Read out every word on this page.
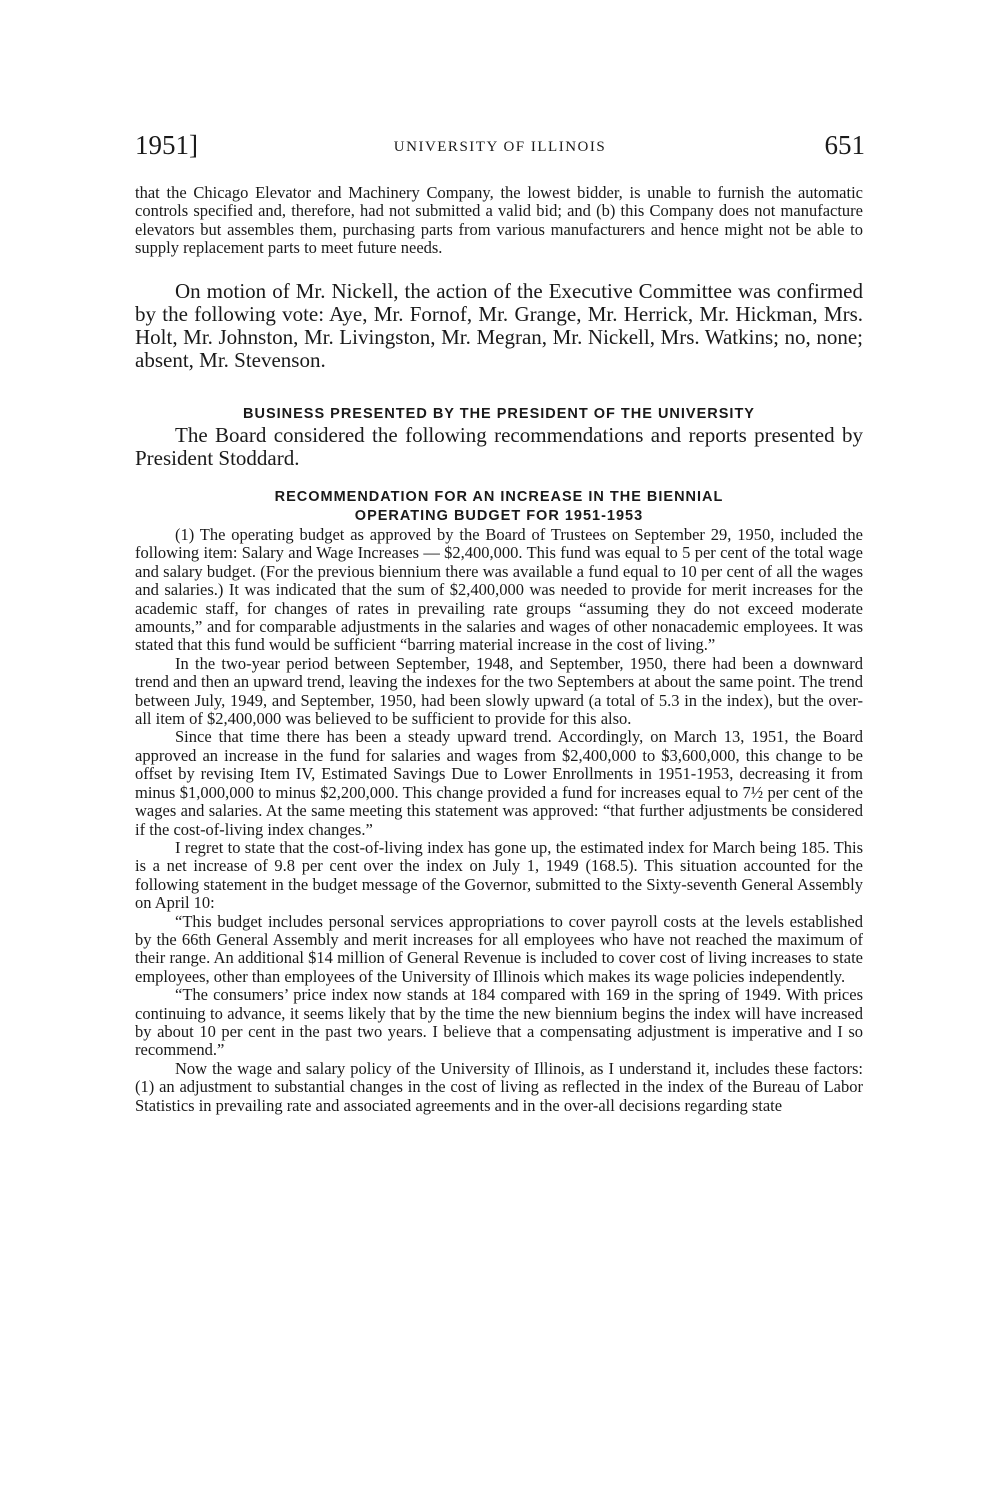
1951]	UNIVERSITY OF ILLINOIS	651

that the Chicago Elevator and Machinery Company, the lowest bidder, is unable to furnish the automatic controls specified and, therefore, had not submitted a valid bid; and (b) this Company does not manufacture elevators but assembles them, purchasing parts from various manufacturers and hence might not be able to supply replacement parts to meet future needs.

On motion of Mr. Nickell, the action of the Executive Committee was confirmed by the following vote: Aye, Mr. Fornof, Mr. Grange, Mr. Herrick, Mr. Hickman, Mrs. Holt, Mr. Johnston, Mr. Livingston, Mr. Megran, Mr. Nickell, Mrs. Watkins; no, none; absent, Mr. Stevenson.

BUSINESS PRESENTED BY THE PRESIDENT OF THE UNIVERSITY

The Board considered the following recommendations and reports presented by President Stoddard.

RECOMMENDATION FOR AN INCREASE IN THE BIENNIAL

OPERATING BUDGET FOR 1951-1953

(1) The operating budget as approved by the Board of Trustees on September 29, 1950, included the following item: Salary and Wage Increases — $2,400,000. This fund was equal to 5 per cent of the total wage and salary budget. (For the previous biennium there was available a fund equal to 10 per cent of all the wages and salaries.) It was indicated that the sum of $2,400,000 was needed to provide for merit increases for the academic staff, for changes of rates in prevailing rate groups “assuming they do not exceed moderate amounts,” and for comparable adjustments in the salaries and wages of other nonacademic employees. It was stated that this fund would be sufficient “barring material increase in the cost of living.”

In the two-year period between September, 1948, and September, 1950, there had been a downward trend and then an upward trend, leaving the indexes for the two Septembers at about the same point. The trend between July, 1949, and September, 1950, had been slowly upward (a total of 5.3 in the index), but the over-all item of $2,400,000 was believed to be sufficient to provide for this also.

Since that time there has been a steady upward trend. Accordingly, on March 13, 1951, the Board approved an increase in the fund for salaries and wages from $2,400,000 to $3,600,000, this change to be offset by revising Item IV, Estimated Savings Due to Lower Enrollments in 1951-1953, decreasing it from minus $1,000,000 to minus $2,200,000. This change provided a fund for increases equal to 7½ per cent of the wages and salaries. At the same meeting this statement was approved: “that further adjustments be considered if the cost-of-living index changes.”

I regret to state that the cost-of-living index has gone up, the estimated index for March being 185. This is a net increase of 9.8 per cent over the index on July 1, 1949 (168.5). This situation accounted for the following statement in the budget message of the Governor, submitted to the Sixty-seventh General Assembly on April 10:

“This budget includes personal services appropriations to cover payroll costs at the levels established by the 66th General Assembly and merit increases for all employees who have not reached the maximum of their range. An additional $14 million of General Revenue is included to cover cost of living increases to state employees, other than employees of the University of Illinois which makes its wage policies independently.

“The consumers’ price index now stands at 184 compared with 169 in the spring of 1949. With prices continuing to advance, it seems likely that by the time the new biennium begins the index will have increased by about 10 per cent in the past two years. I believe that a compensating adjustment is imperative and I so recommend.”

Now the wage and salary policy of the University of Illinois, as I understand it, includes these factors: (1) an adjustment to substantial changes in the cost of living as reflected in the index of the Bureau of Labor Statistics in prevailing rate and associated agreements and in the over-all decisions regarding state
